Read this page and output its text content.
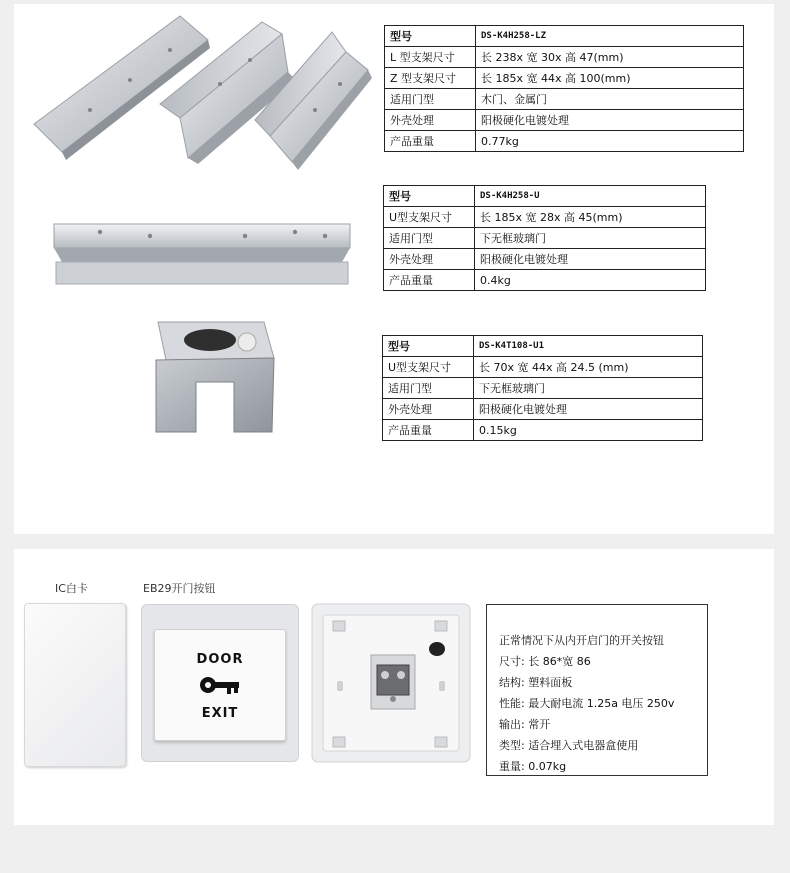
型号	DS-K4H258-LZ
L 型支架尺寸	长 238x 宽 30x 高 47(mm)
Z 型支架尺寸	长 185x 宽 44x 高 100(mm)
适用门型	木门、金属门
外壳处理	阳极硬化电镀处理
产品重量	0.77kg
型号	DS-K4H258-U
U型支架尺寸	长 185x 宽 28x 高 45(mm)
适用门型	下无框玻璃门
外壳处理	阳极硬化电镀处理
产品重量	0.4kg
型号	DS-K4T108-U1
U型支架尺寸	长 70x 宽 44x 高 24.5 (mm)
适用门型	下无框玻璃门
外壳处理	阳极硬化电镀处理
产品重量	0.15kg
IC白卡	EB29开门按钮
DOOR
EXIT
正常情况下从内开启门的开关按钮
尺寸: 长 86*宽 86
结构: 塑料面板
性能: 最大耐电流 1.25a 电压 250v
输出: 常开
类型: 适合埋入式电器盒使用
重量: 0.07kg
